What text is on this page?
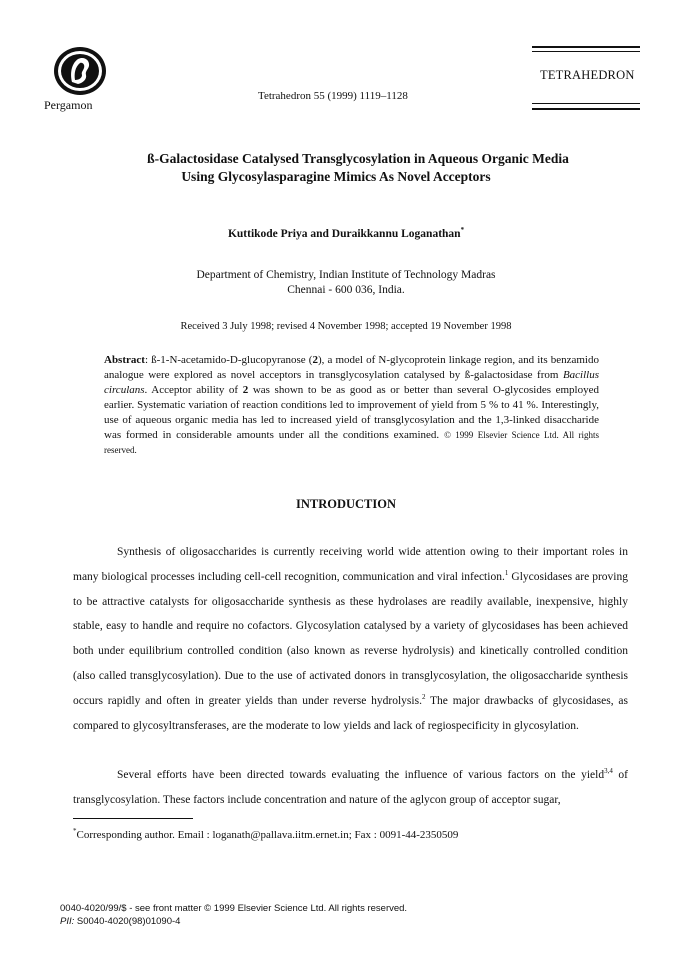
Pergamon
Tetrahedron 55 (1999) 1119–1128
TETRAHEDRON
ß-Galactosidase Catalysed Transglycosylation in Aqueous Organic Media
Using Glycosylasparagine Mimics As Novel Acceptors
Kuttikode Priya and Duraikkannu Loganathan*
Department of Chemistry, Indian Institute of Technology Madras
Chennai - 600 036, India.
Received 3 July 1998; revised 4 November 1998; accepted 19 November 1998
Abstract: ß-1-N-acetamido-D-glucopyranose (2), a model of N-glycoprotein linkage region, and its benzamido analogue were explored as novel acceptors in transglycosylation catalysed by ß-galactosidase from Bacillus circulans. Acceptor ability of 2 was shown to be as good as or better than several O-glycosides employed earlier. Systematic variation of reaction conditions led to improvement of yield from 5 % to 41 %. Interestingly, use of aqueous organic media has led to increased yield of transglycosylation and the 1,3-linked disaccharide was formed in considerable amounts under all the conditions examined. © 1999 Elsevier Science Ltd. All rights reserved.
INTRODUCTION
Synthesis of oligosaccharides is currently receiving world wide attention owing to their important roles in many biological processes including cell-cell recognition, communication and viral infection.$^1$ Glycosidases are proving to be attractive catalysts for oligosaccharide synthesis as these hydrolases are readily available, inexpensive, highly stable, easy to handle and require no cofactors. Glycosylation catalysed by a variety of glycosidases has been achieved both under equilibrium controlled condition (also known as reverse hydrolysis) and kinetically controlled condition (also called transglycosylation). Due to the use of activated donors in transglycosylation, the oligosaccharide synthesis occurs rapidly and often in greater yields than under reverse hydrolysis.$^2$ The major drawbacks of glycosidases, as compared to glycosyltransferases, are the moderate to low yields and lack of regiospecificity in glycosylation.
Several efforts have been directed towards evaluating the influence of various factors on the yield$^{3,4}$ of transglycosylation. These factors include concentration and nature of the aglycon group of acceptor sugar,
*Corresponding author. Email : loganath@pallava.iitm.ernet.in; Fax : 0091-44-2350509
0040-4020/99/$ - see front matter © 1999 Elsevier Science Ltd. All rights reserved.
PII: S0040-4020(98)01090-4
